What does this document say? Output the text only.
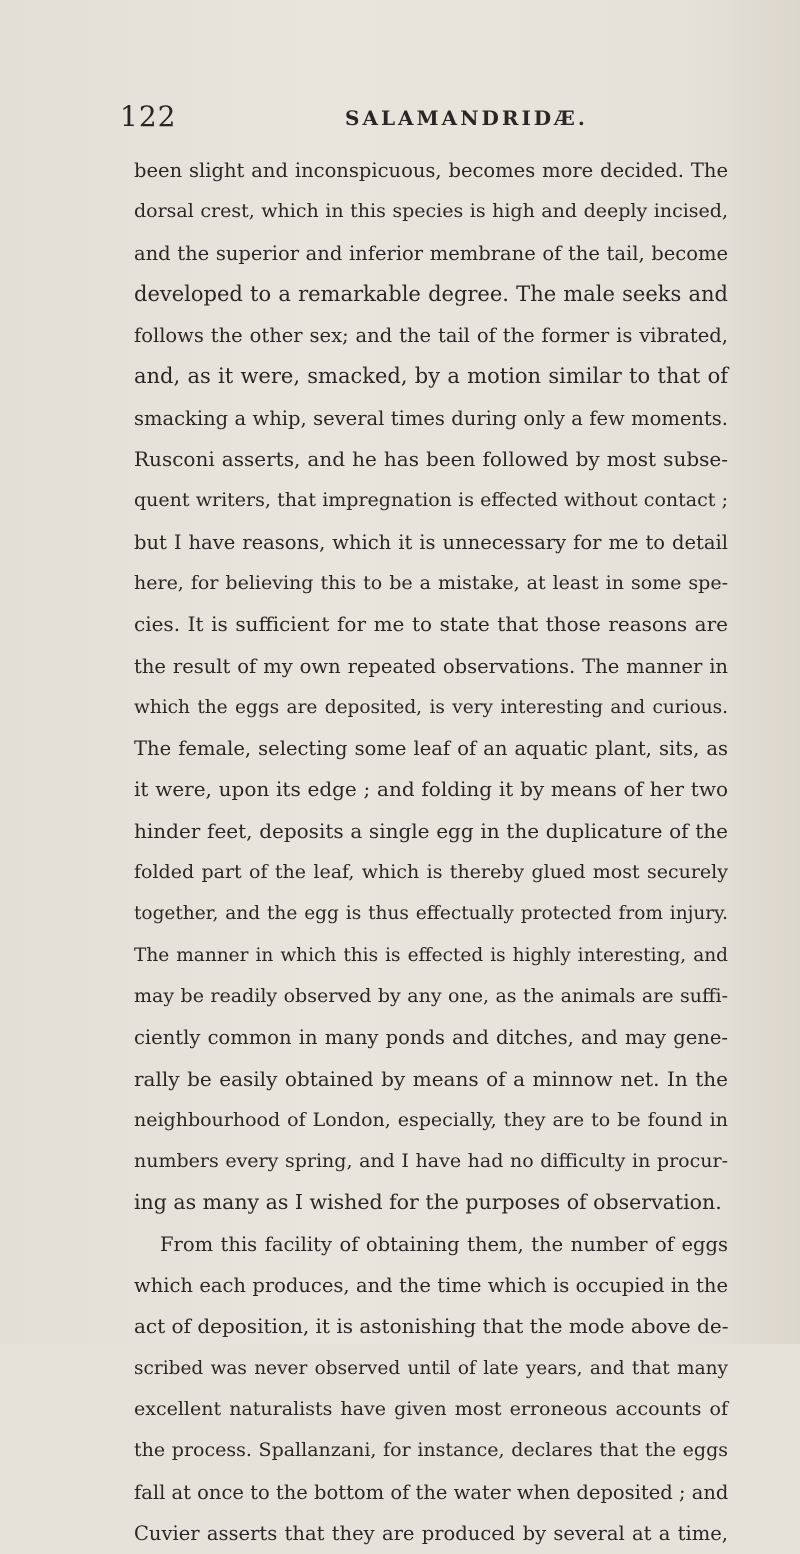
122	SALAMANDRIDÆ.
been slight and inconspicuous, becomes more decided. The
dorsal crest, which in this species is high and deeply incised,
and the superior and inferior membrane of the tail, become
developed to a remarkable degree. The male seeks and
follows the other sex; and the tail of the former is vibrated,
and, as it were, smacked, by a motion similar to that of
smacking a whip, several times during only a few moments.
Rusconi asserts, and he has been followed by most subse-
quent writers, that impregnation is effected without contact ;
but I have reasons, which it is unnecessary for me to detail
here, for believing this to be a mistake, at least in some spe-
cies. It is sufficient for me to state that those reasons are
the result of my own repeated observations. The manner in
which the eggs are deposited, is very interesting and curious.
The female, selecting some leaf of an aquatic plant, sits, as
it were, upon its edge ; and folding it by means of her two
hinder feet, deposits a single egg in the duplicature of the
folded part of the leaf, which is thereby glued most securely
together, and the egg is thus effectually protected from injury.
The manner in which this is effected is highly interesting, and
may be readily observed by any one, as the animals are suffi-
ciently common in many ponds and ditches, and may gene-
rally be easily obtained by means of a minnow net. In the
neighbourhood of London, especially, they are to be found in
numbers every spring, and I have had no difficulty in procur-
ing as many as I wished for the purposes of observation.
From this facility of obtaining them, the number of eggs
which each produces, and the time which is occupied in the
act of deposition, it is astonishing that the mode above de-
scribed was never observed until of late years, and that many
excellent naturalists have given most erroneous accounts of
the process. Spallanzani, for instance, declares that the eggs
fall at once to the bottom of the water when deposited ; and
Cuvier asserts that they are produced by several at a time,
